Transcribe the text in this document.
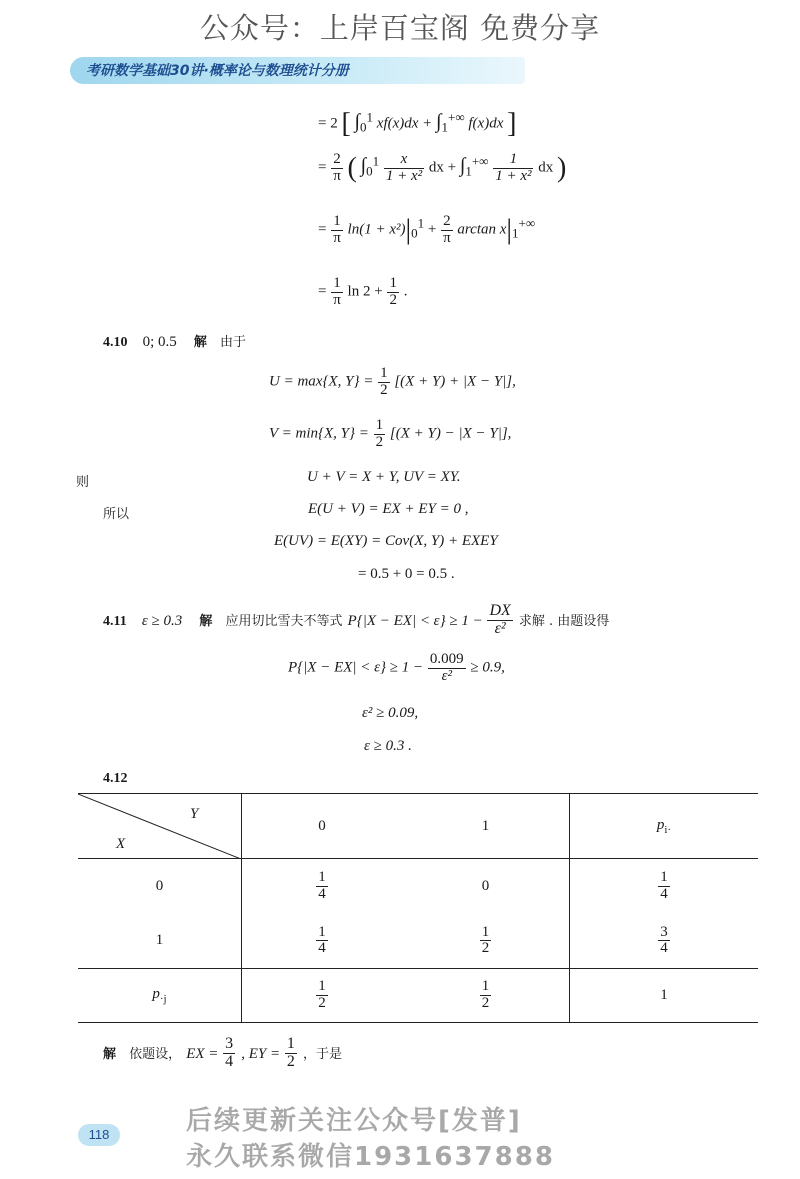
公众号：上岸百宝阁 免费分享
考研数学基础30讲·概率论与数理统计分册
= 2 [ $\int_0^1$ $xf(x)dx + \int_1^{+\infty}$ f(x)dx ]
= $\frac{2}{\pi}$ ( $\int_0^1 \frac{x}{\text{1 + x²}}$ dx + $\int_1^{+\infty} \frac{1}{\text{1 + x²}}$ dx )
= $\frac{1}{\pi} \ln(1 + x^2)|_0^1 + \frac{2}{\pi}$ $\arctan x|_1^{+\infty}$
= $\frac{1}{\pi}$ $\ln 2 + \frac{1}{2}$ .
4.10 0; 0.5 解 由于
U = max{X, $Y\} = \frac{1}{2} [(X + Y) + |X - Y|]$,
V = min{X, $Y\} = \frac{1}{2} [(X + Y) - |X - Y|]$,
则	U + V = X + Y, UV = XY.
所以	E(U + V) = EX + EY = 0 ,
E(UV) = E(XY) = Cov(X, Y) + EXEY
= 0.5 + 0 = 0.5 .
4.11 ε ≥ 0.3 解 应用切比雪夫不等式 $P\{|X - EX| < \varepsilon\} \ge 1 - \frac{DX}{\text{ε²}}$ 求解 . 由题设得
$P\{|X - EX| < \varepsilon\} \ge 1 - \frac{0.009}{\text{ε²}} \ge 0.9$,
ε² ≥ 0.09,
ε ≥ 0.3 .
4.12
Y
X	0	1	$p_{i\cdot}$
0	$\frac{1}{4}$	0	$\frac{1}{4}$

1	$\frac{1}{4}$	$\frac{1}{2}$	$\frac{3}{4}$

$p_{\cdot j}$	$\frac{1}{2}$	$\frac{1}{2}$	1
解 依题设， EX = $\frac{3}{4}$ , EY = $\frac{1}{2}$ ，于是
118	后续更新关注公众号[发普]
永久联系微信1931637888
